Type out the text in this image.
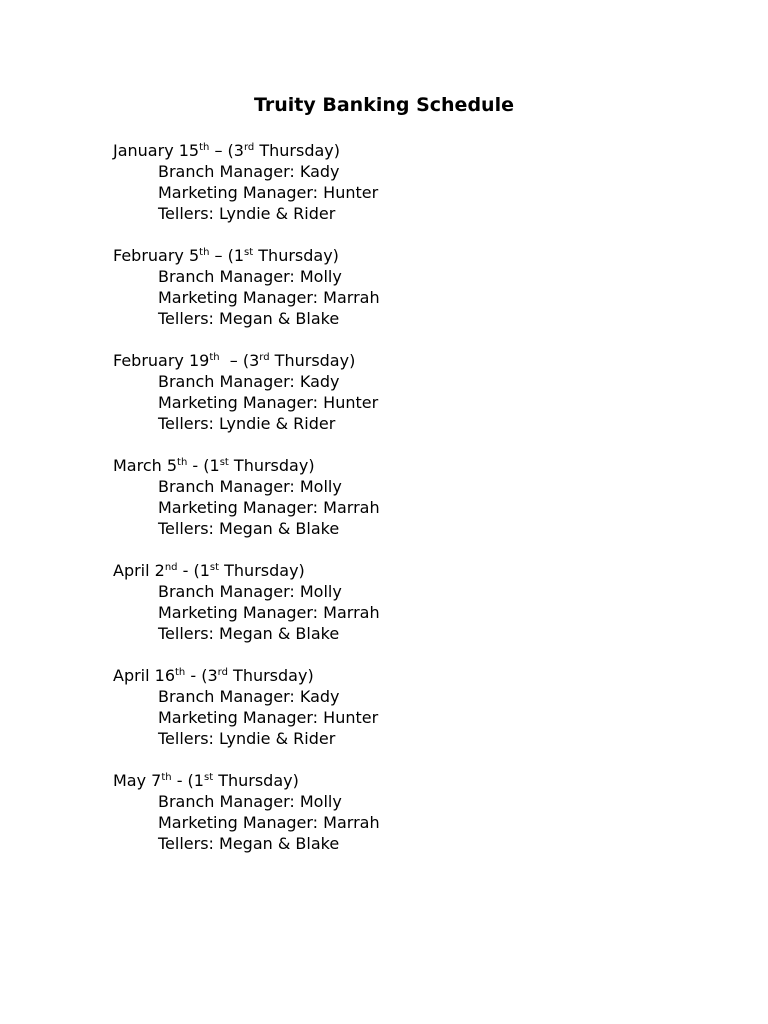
Truity Banking Schedule
January 15th – (3rd Thursday)
Branch Manager: Kady
Marketing Manager: Hunter
Tellers: Lyndie & Rider
February 5th – (1st Thursday)
Branch Manager: Molly
Marketing Manager: Marrah
Tellers: Megan & Blake
February 19th  – (3rd Thursday)
Branch Manager: Kady
Marketing Manager: Hunter
Tellers: Lyndie & Rider
March 5th - (1st Thursday)
Branch Manager: Molly
Marketing Manager: Marrah
Tellers: Megan & Blake
April 2nd - (1st Thursday)
Branch Manager: Molly
Marketing Manager: Marrah
Tellers: Megan & Blake
April 16th - (3rd Thursday)
Branch Manager: Kady
Marketing Manager: Hunter
Tellers: Lyndie & Rider
May 7th - (1st Thursday)
Branch Manager: Molly
Marketing Manager: Marrah
Tellers: Megan & Blake
